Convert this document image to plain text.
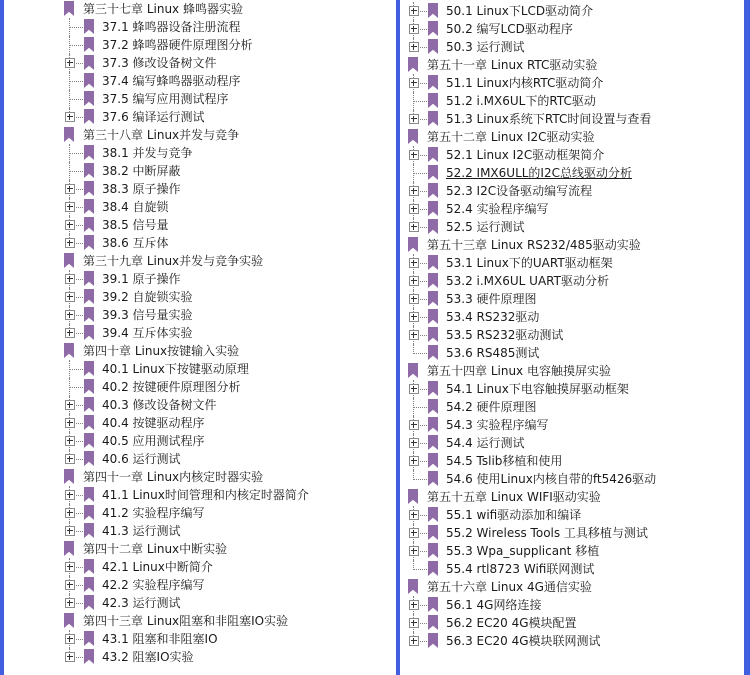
第三十七章 Linux 蜂鸣器实验
37.1 蜂鸣器设备注册流程
37.2 蜂鸣器硬件原理图分析
37.3 修改设备树文件
37.4 编写蜂鸣器驱动程序
37.5 编写应用测试程序
37.6 编译运行测试
第三十八章 Linux并发与竞争
38.1 并发与竞争
38.2 中断屏蔽
38.3 原子操作
38.4 自旋锁
38.5 信号量
38.6 互斥体
第三十九章 Linux并发与竞争实验
39.1 原子操作
39.2 自旋锁实验
39.3 信号量实验
39.4 互斥体实验
第四十章 Linux按键输入实验
40.1 Linux下按键驱动原理
40.2 按键硬件原理图分析
40.3 修改设备树文件
40.4 按键驱动程序
40.5 应用测试程序
40.6 运行测试
第四十一章 Linux内核定时器实验
41.1 Linux时间管理和内核定时器简介
41.2 实验程序编写
41.3 运行测试
第四十二章 Linux中断实验
42.1 Linux中断简介
42.2 实验程序编写
42.3 运行测试
第四十三章 Linux阻塞和非阻塞IO实验
43.1 阻塞和非阻塞IO
43.2 阻塞IO实验
50.1 Linux下LCD驱动简介
50.2 编写LCD驱动程序
50.3 运行测试
第五十一章 Linux RTC驱动实验
51.1 Linux内核RTC驱动简介
51.2 i.MX6UL下的RTC驱动
51.3 Linux系统下RTC时间设置与查看
第五十二章 Linux I2C驱动实验
52.1 Linux I2C驱动框架简介
52.2 IMX6ULL的I2C总线驱动分析
52.3 I2C设备驱动编写流程
52.4 实验程序编写
52.5 运行测试
第五十三章 Linux RS232/485驱动实验
53.1 Linux下的UART驱动框架
53.2 i.MX6UL UART驱动分析
53.3 硬件原理图
53.4 RS232驱动
53.5 RS232驱动测试
53.6 RS485测试
第五十四章 Linux 电容触摸屏实验
54.1 Linux下电容触摸屏驱动框架
54.2 硬件原理图
54.3 实验程序编写
54.4 运行测试
54.5 Tslib移植和使用
54.6 使用Linux内核自带的ft5426驱动
第五十五章 Linux WIFI驱动实验
55.1 wifi驱动添加和编译
55.2 Wireless Tools 工具移植与测试
55.3 Wpa_supplicant 移植
55.4 rtl8723 Wifi联网测试
第五十六章 Linux 4G通信实验
56.1 4G网络连接
56.2 EC20 4G模块配置
56.3 EC20 4G模块联网测试
